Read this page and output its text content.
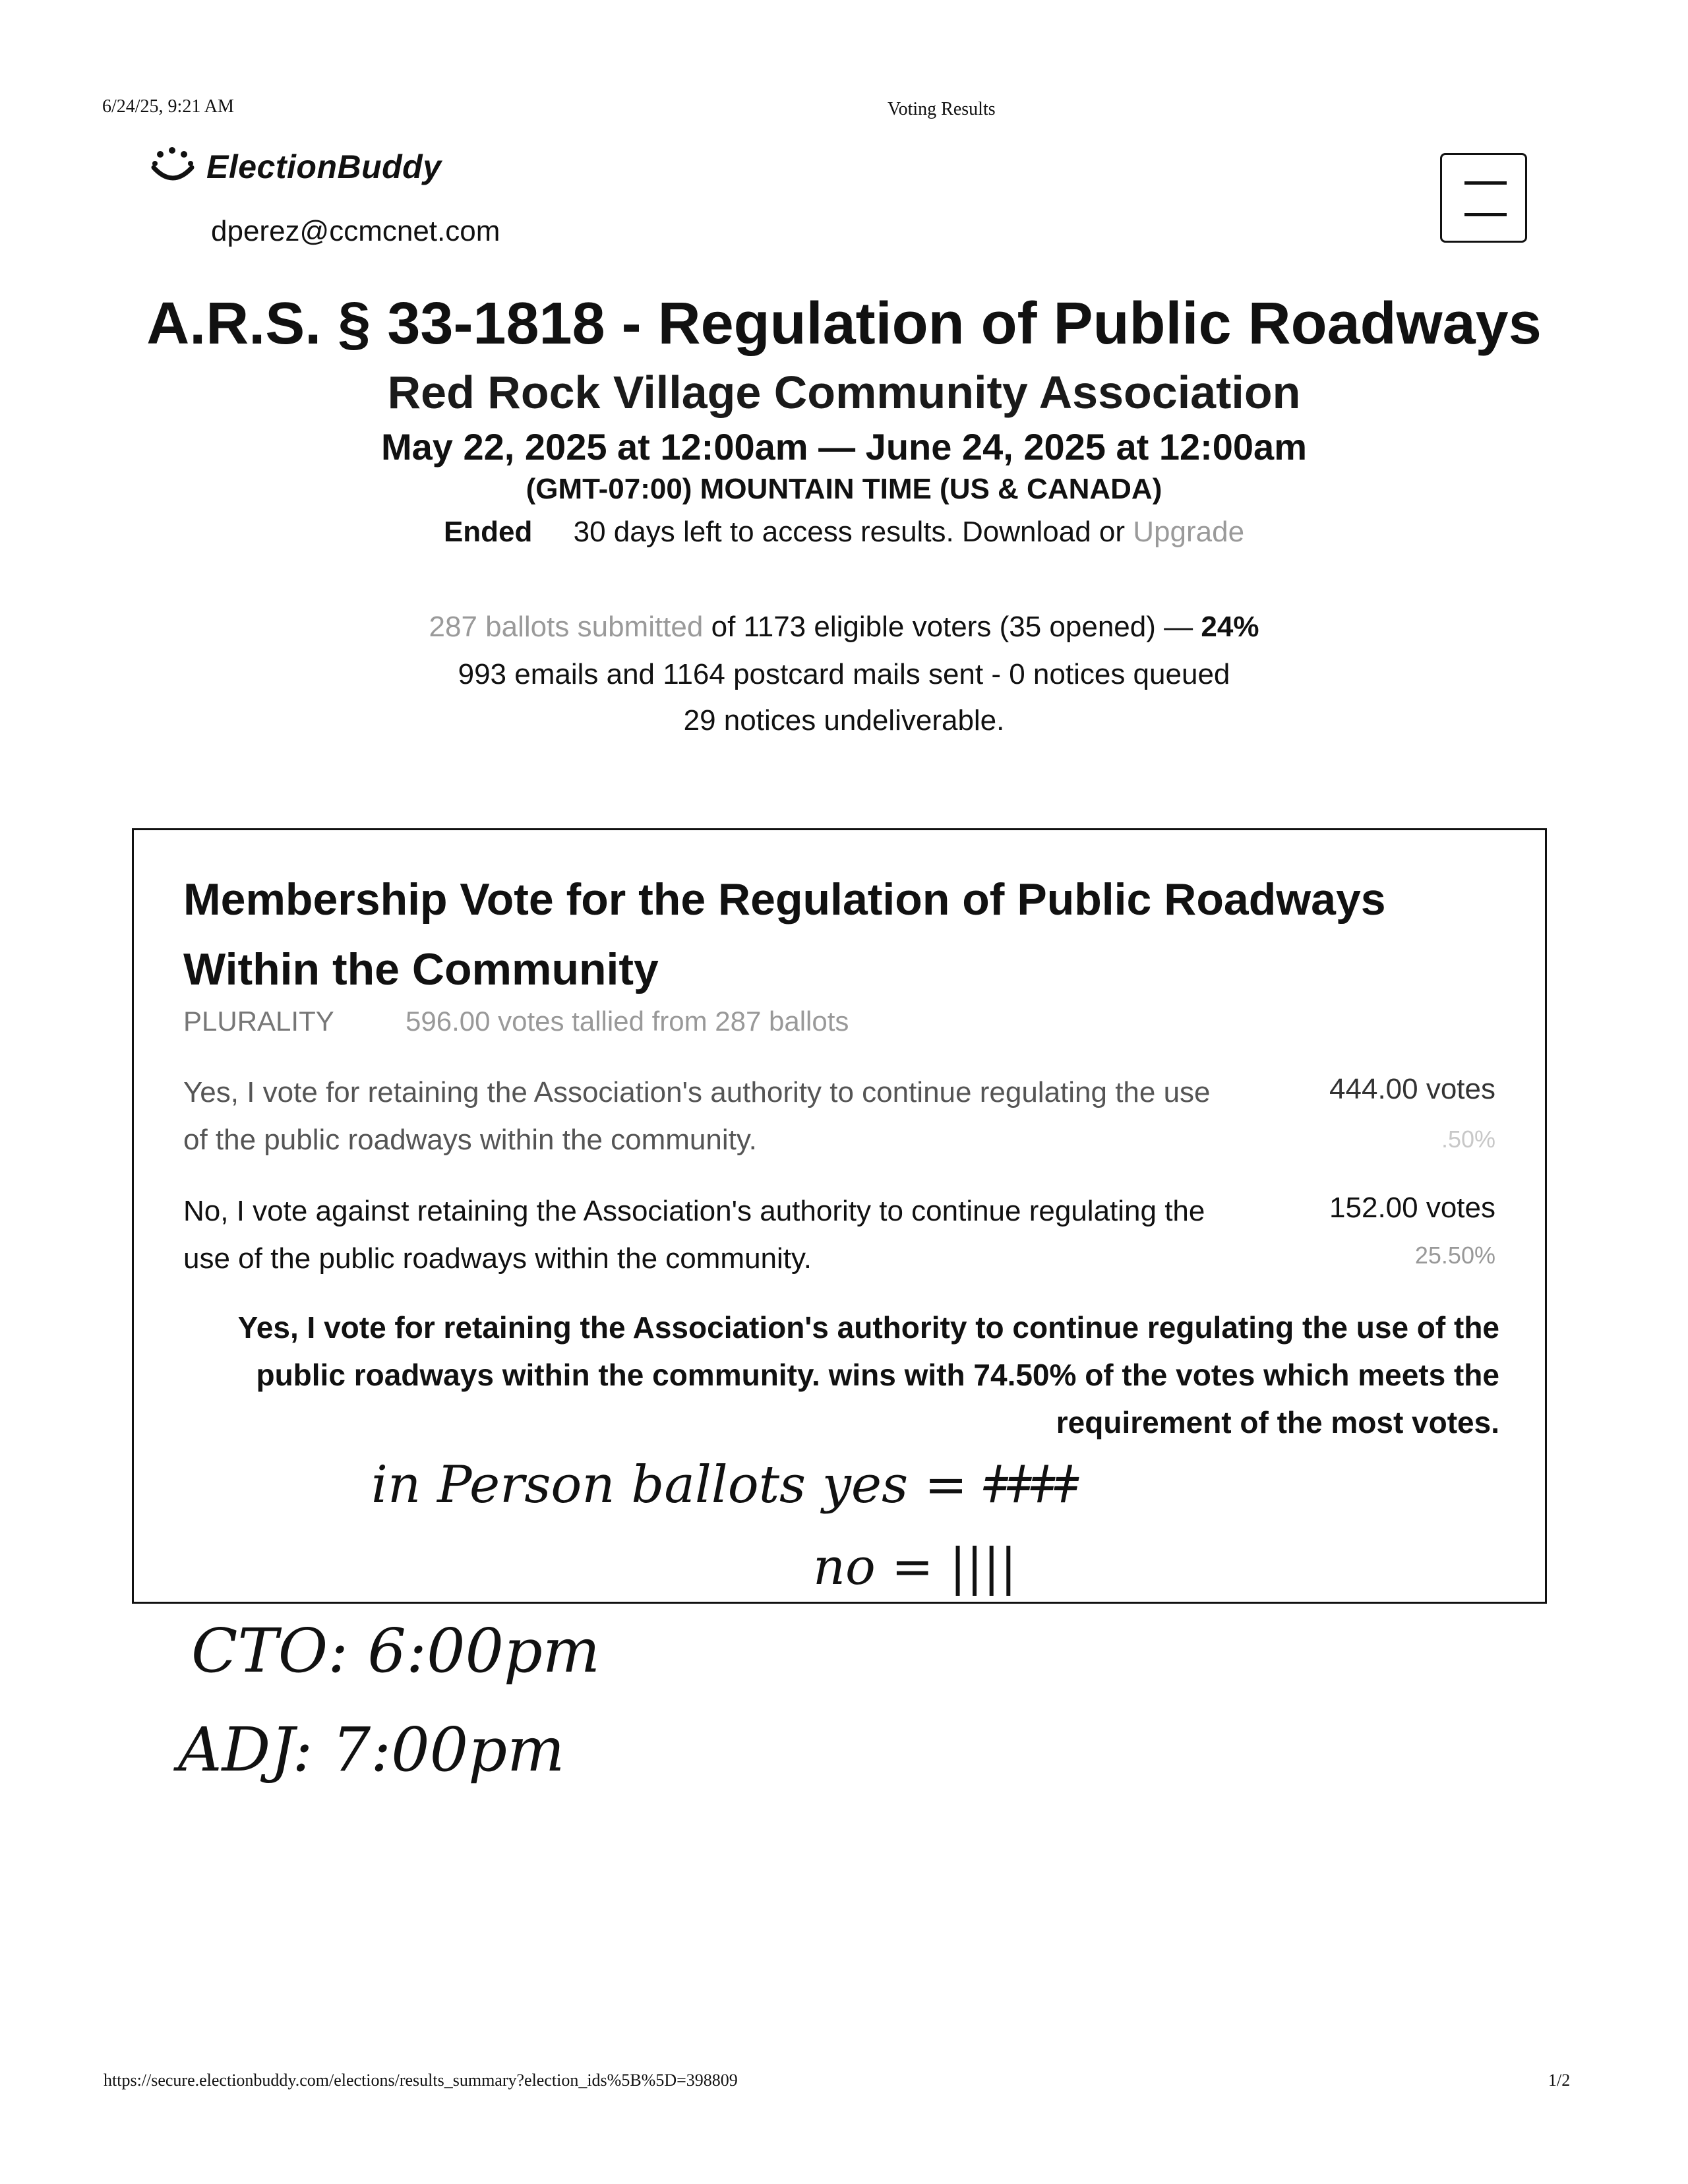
6/24/25, 9:21 AM	Voting Results
ElectionBuddy
dperez@ccmcnet.com
A.R.S. § 33-1818 - Regulation of Public Roadways
Red Rock Village Community Association
May 22, 2025 at 12:00am — June 24, 2025 at 12:00am
(GMT-07:00) MOUNTAIN TIME (US & CANADA)
Ended 30 days left to access results. Download or Upgrade
287 ballots submitted of 1173 eligible voters (35 opened) — 24%
993 emails and 1164 postcard mails sent - 0 notices queued
29 notices undeliverable.
Membership Vote for the Regulation of Public Roadways Within the Community
PLURALITY	596.00 votes tallied from 287 ballots
Yes, I vote for retaining the Association's authority to continue regulating the use of the public roadways within the community.
444.00 votes
.50%
No, I vote against retaining the Association's authority to continue regulating the use of the public roadways within the community.
152.00 votes
25.50%
Yes, I vote for retaining the Association's authority to continue regulating the use of the public roadways within the community. wins with 74.50% of the votes which meets the requirement of the most votes.
in Person ballots yes = ǂǂǂǂ
no = ||||
CTO: 6:00pm
ADJ: 7:00pm
https://secure.electionbuddy.com/elections/results_summary?election_ids%5B%5D=398809	1/2
